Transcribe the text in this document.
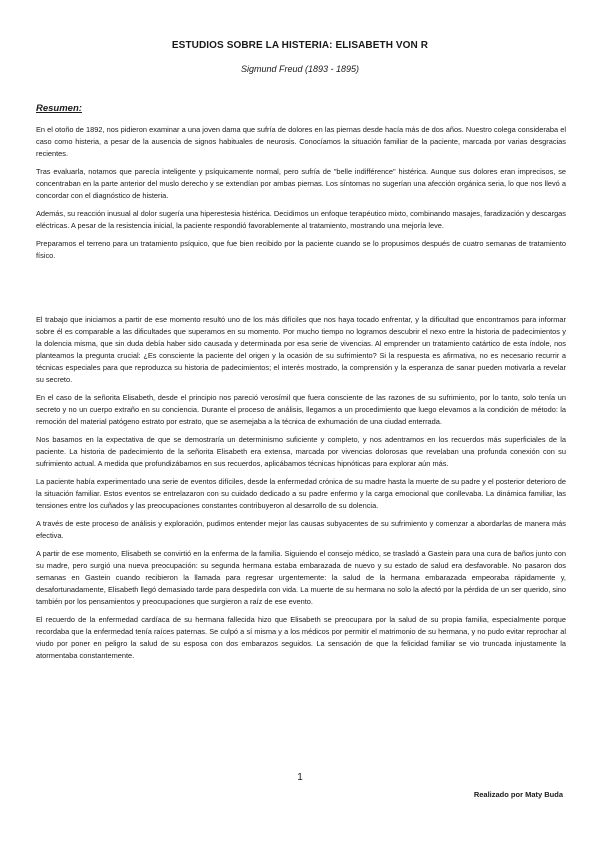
ESTUDIOS SOBRE LA HISTERIA: ELISABETH VON R
Sigmund Freud (1893 - 1895)
Resumen:

En el otoño de 1892, nos pidieron examinar a una joven dama que sufría de dolores en las piernas desde hacía más de dos años. Nuestro colega consideraba el caso como histeria, a pesar de la ausencia de signos habituales de neurosis. Conocíamos la situación familiar de la paciente, marcada por varias desgracias recientes.

Tras evaluarla, notamos que parecía inteligente y psíquicamente normal, pero sufría de "belle indifférence" histérica. Aunque sus dolores eran imprecisos, se concentraban en la parte anterior del muslo derecho y se extendían por ambas piernas. Los síntomas no sugerían una afección orgánica seria, lo que nos llevó a concordar con el diagnóstico de histeria.

Además, su reacción inusual al dolor sugería una hiperestesia histérica. Decidimos un enfoque terapéutico mixto, combinando masajes, faradización y descargas eléctricas. A pesar de la resistencia inicial, la paciente respondió favorablemente al tratamiento, mostrando una mejoría leve.

Preparamos el terreno para un tratamiento psíquico, que fue bien recibido por la paciente cuando se lo propusimos después de cuatro semanas de tratamiento físico.

El trabajo que iniciamos a partir de ese momento resultó uno de los más difíciles que nos haya tocado enfrentar, y la dificultad que encontramos para informar sobre él es comparable a las dificultades que superamos en su momento. Por mucho tiempo no logramos descubrir el nexo entre la historia de padecimientos y la dolencia misma, que sin duda debía haber sido causada y determinada por esa serie de vivencias. Al emprender un tratamiento catártico de esta índole, nos planteamos la pregunta crucial: ¿Es consciente la paciente del origen y la ocasión de su sufrimiento? Si la respuesta es afirmativa, no es necesario recurrir a técnicas especiales para que reproduzca su historia de padecimientos; el interés mostrado, la comprensión y la esperanza de sanar pueden motivarla a revelar su secreto.

En el caso de la señorita Elisabeth, desde el principio nos pareció verosímil que fuera consciente de las razones de su sufrimiento, por lo tanto, solo tenía un secreto y no un cuerpo extraño en su conciencia. Durante el proceso de análisis, llegamos a un procedimiento que luego elevamos a la condición de método: la remoción del material patógeno estrato por estrato, que se asemejaba a la técnica de exhumación de una ciudad enterrada.

Nos basamos en la expectativa de que se demostraría un determinismo suficiente y completo, y nos adentramos en los recuerdos más superficiales de la paciente. La historia de padecimiento de la señorita Elisabeth era extensa, marcada por vivencias dolorosas que revelaban una profunda conexión con su sufrimiento actual. A medida que profundizábamos en sus recuerdos, aplicábamos técnicas hipnóticas para explorar aún más.

La paciente había experimentado una serie de eventos difíciles, desde la enfermedad crónica de su madre hasta la muerte de su padre y el posterior deterioro de la situación familiar. Estos eventos se entrelazaron con su cuidado dedicado a su padre enfermo y la carga emocional que conllevaba. La dinámica familiar, las tensiones entre los cuñados y las preocupaciones constantes contribuyeron al desarrollo de su dolencia.

A través de este proceso de análisis y exploración, pudimos entender mejor las causas subyacentes de su sufrimiento y comenzar a abordarlas de manera más efectiva.

A partir de ese momento, Elisabeth se convirtió en la enferma de la familia. Siguiendo el consejo médico, se trasladó a Gastein para una cura de baños junto con su madre, pero surgió una nueva preocupación: su segunda hermana estaba embarazada de nuevo y su estado de salud era desfavorable. No pasaron dos semanas en Gastein cuando recibieron la llamada para regresar urgentemente: la salud de la hermana embarazada empeoraba rápidamente y, desafortunadamente, Elisabeth llegó demasiado tarde para despedirla con vida. La muerte de su hermana no solo la afectó por la pérdida de un ser querido, sino también por los pensamientos y preocupaciones que surgieron a raíz de ese evento.

El recuerdo de la enfermedad cardíaca de su hermana fallecida hizo que Elisabeth se preocupara por la salud de su propia familia, especialmente porque recordaba que la enfermedad tenía raíces paternas. Se culpó a sí misma y a los médicos por permitir el matrimonio de su hermana, y no pudo evitar reprochar al viudo por poner en peligro la salud de su esposa con dos embarazos seguidos. La sensación de que la felicidad familiar se vio truncada injustamente la atormentaba constantemente.

1
Realizado por Maty Buda
